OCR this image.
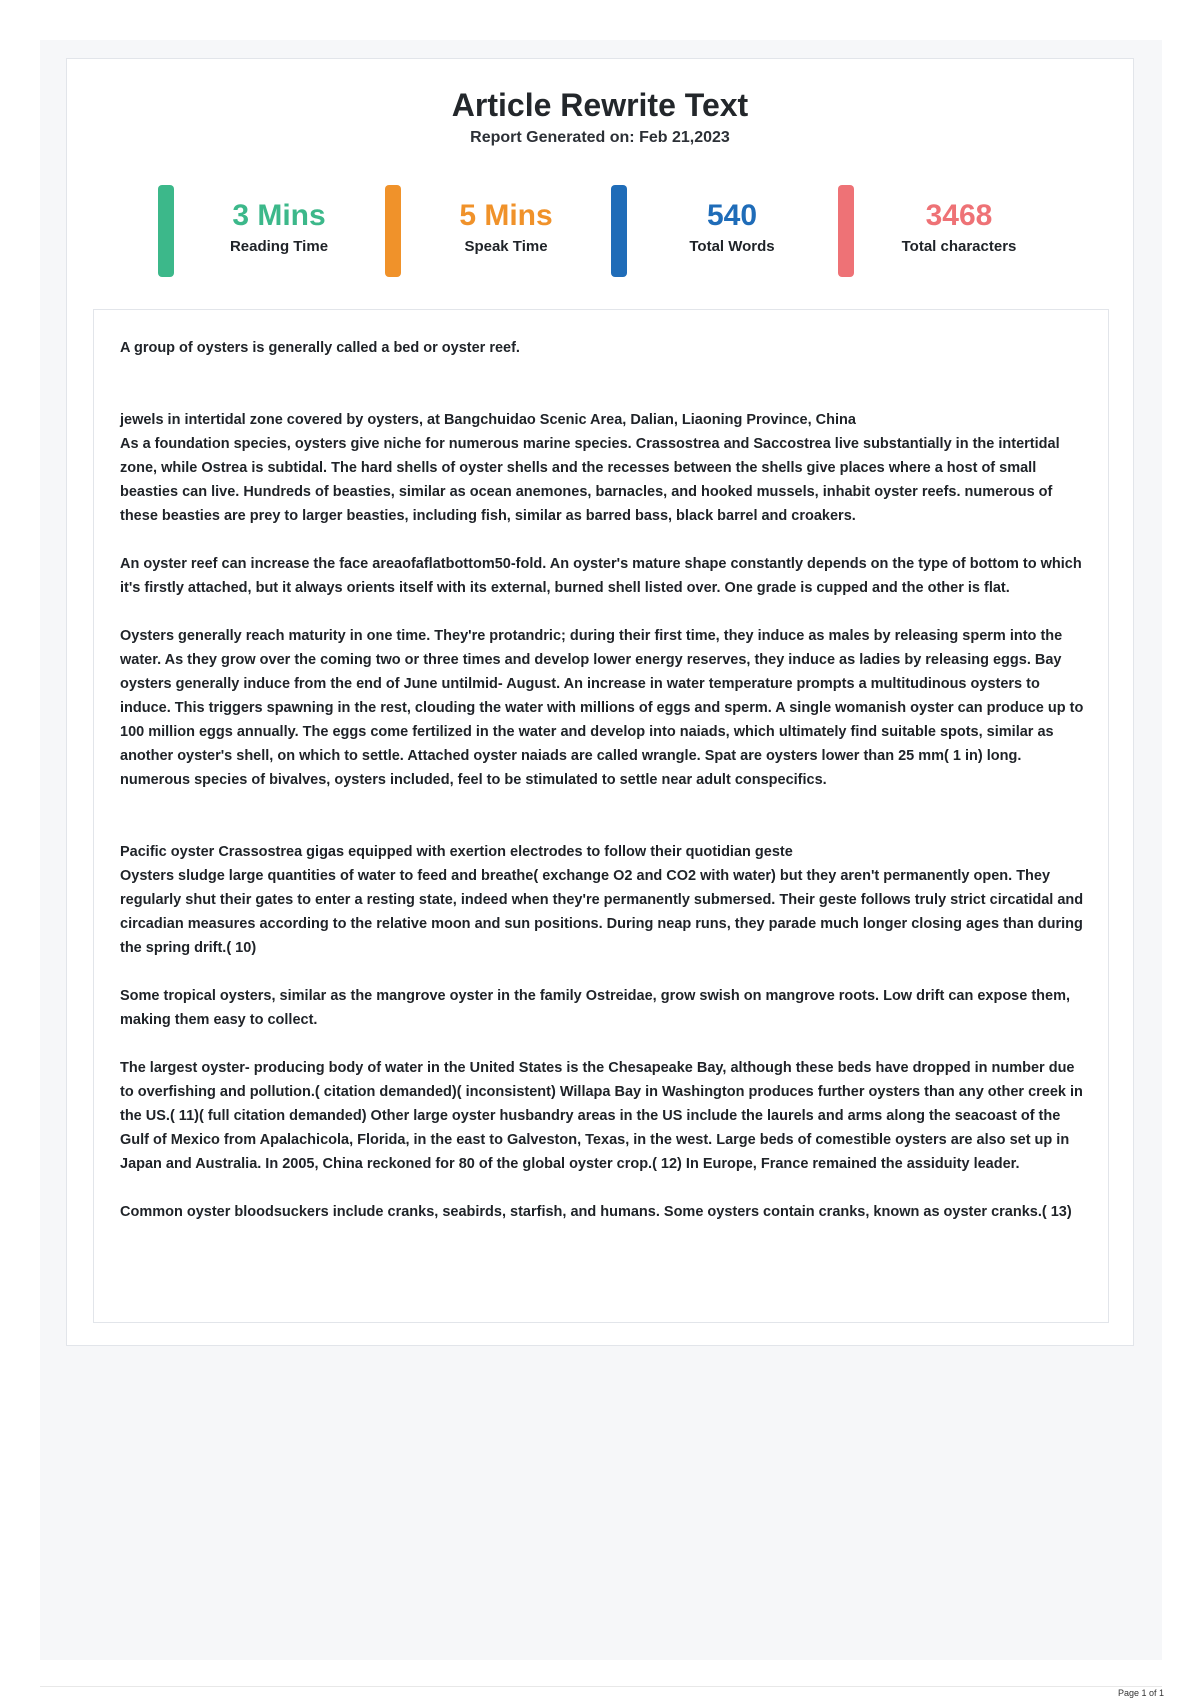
Article Rewrite Text
Report Generated on: Feb 21,2023
3 Mins
Reading Time
5 Mins
Speak Time
540
Total Words
3468
Total characters

A group of oysters is generally called a bed or oyster reef.

jewels in intertidal zone covered by oysters, at Bangchuidao Scenic Area, Dalian, Liaoning Province, China

As a foundation species, oysters give niche for numerous marine species. Crassostrea and Saccostrea live substantially in the intertidal zone, while Ostrea is subtidal. The hard shells of oyster shells and the recesses between the shells give places where a host of small beasties can live. Hundreds of beasties, similar as ocean anemones, barnacles, and hooked mussels, inhabit oyster reefs. numerous of these beasties are prey to larger beasties, including fish, similar as barred bass, black barrel and croakers.

An oyster reef can increase the face areaofaflatbottom50-fold. An oyster's mature shape constantly depends on the type of bottom to which it's firstly attached, but it always orients itself with its external, burned shell listed over. One grade is cupped and the other is flat.

Oysters generally reach maturity in one time. They're protandric; during their first time, they induce as males by releasing sperm into the water. As they grow over the coming two or three times and develop lower energy reserves, they induce as ladies by releasing eggs. Bay oysters generally induce from the end of June untilmid- August. An increase in water temperature prompts a multitudinous oysters to induce. This triggers spawning in the rest, clouding the water with millions of eggs and sperm. A single womanish oyster can produce up to 100 million eggs annually. The eggs come fertilized in the water and develop into naiads, which ultimately find suitable spots, similar as another oyster's shell, on which to settle. Attached oyster naiads are called wrangle. Spat are oysters lower than 25 mm( 1 in) long. numerous species of bivalves, oysters included, feel to be stimulated to settle near adult conspecifics.

Pacific oyster Crassostrea gigas equipped with exertion electrodes to follow their quotidian geste

Oysters sludge large quantities of water to feed and breathe( exchange O2 and CO2 with water) but they aren't permanently open. They regularly shut their gates to enter a resting state, indeed when they're permanently submersed. Their geste follows truly strict circatidal and circadian measures according to the relative moon and sun positions. During neap runs, they parade much longer closing ages than during the spring drift.( 10)

Some tropical oysters, similar as the mangrove oyster in the family Ostreidae, grow swish on mangrove roots. Low drift can expose them, making them easy to collect.

The largest oyster- producing body of water in the United States is the Chesapeake Bay, although these beds have dropped in number due to overfishing and pollution.( citation demanded)( inconsistent) Willapa Bay in Washington produces further oysters than any other creek in the US.( 11)( full citation demanded) Other large oyster husbandry areas in the US include the laurels and arms along the seacoast of the Gulf of Mexico from Apalachicola, Florida, in the east to Galveston, Texas, in the west. Large beds of comestible oysters are also set up in Japan and Australia. In 2005, China reckoned for 80 of the global oyster crop.( 12) In Europe, France remained the assiduity leader.

Common oyster bloodsuckers include cranks, seabirds, starfish, and humans. Some oysters contain cranks, known as oyster cranks.( 13)

Page 1 of 1
